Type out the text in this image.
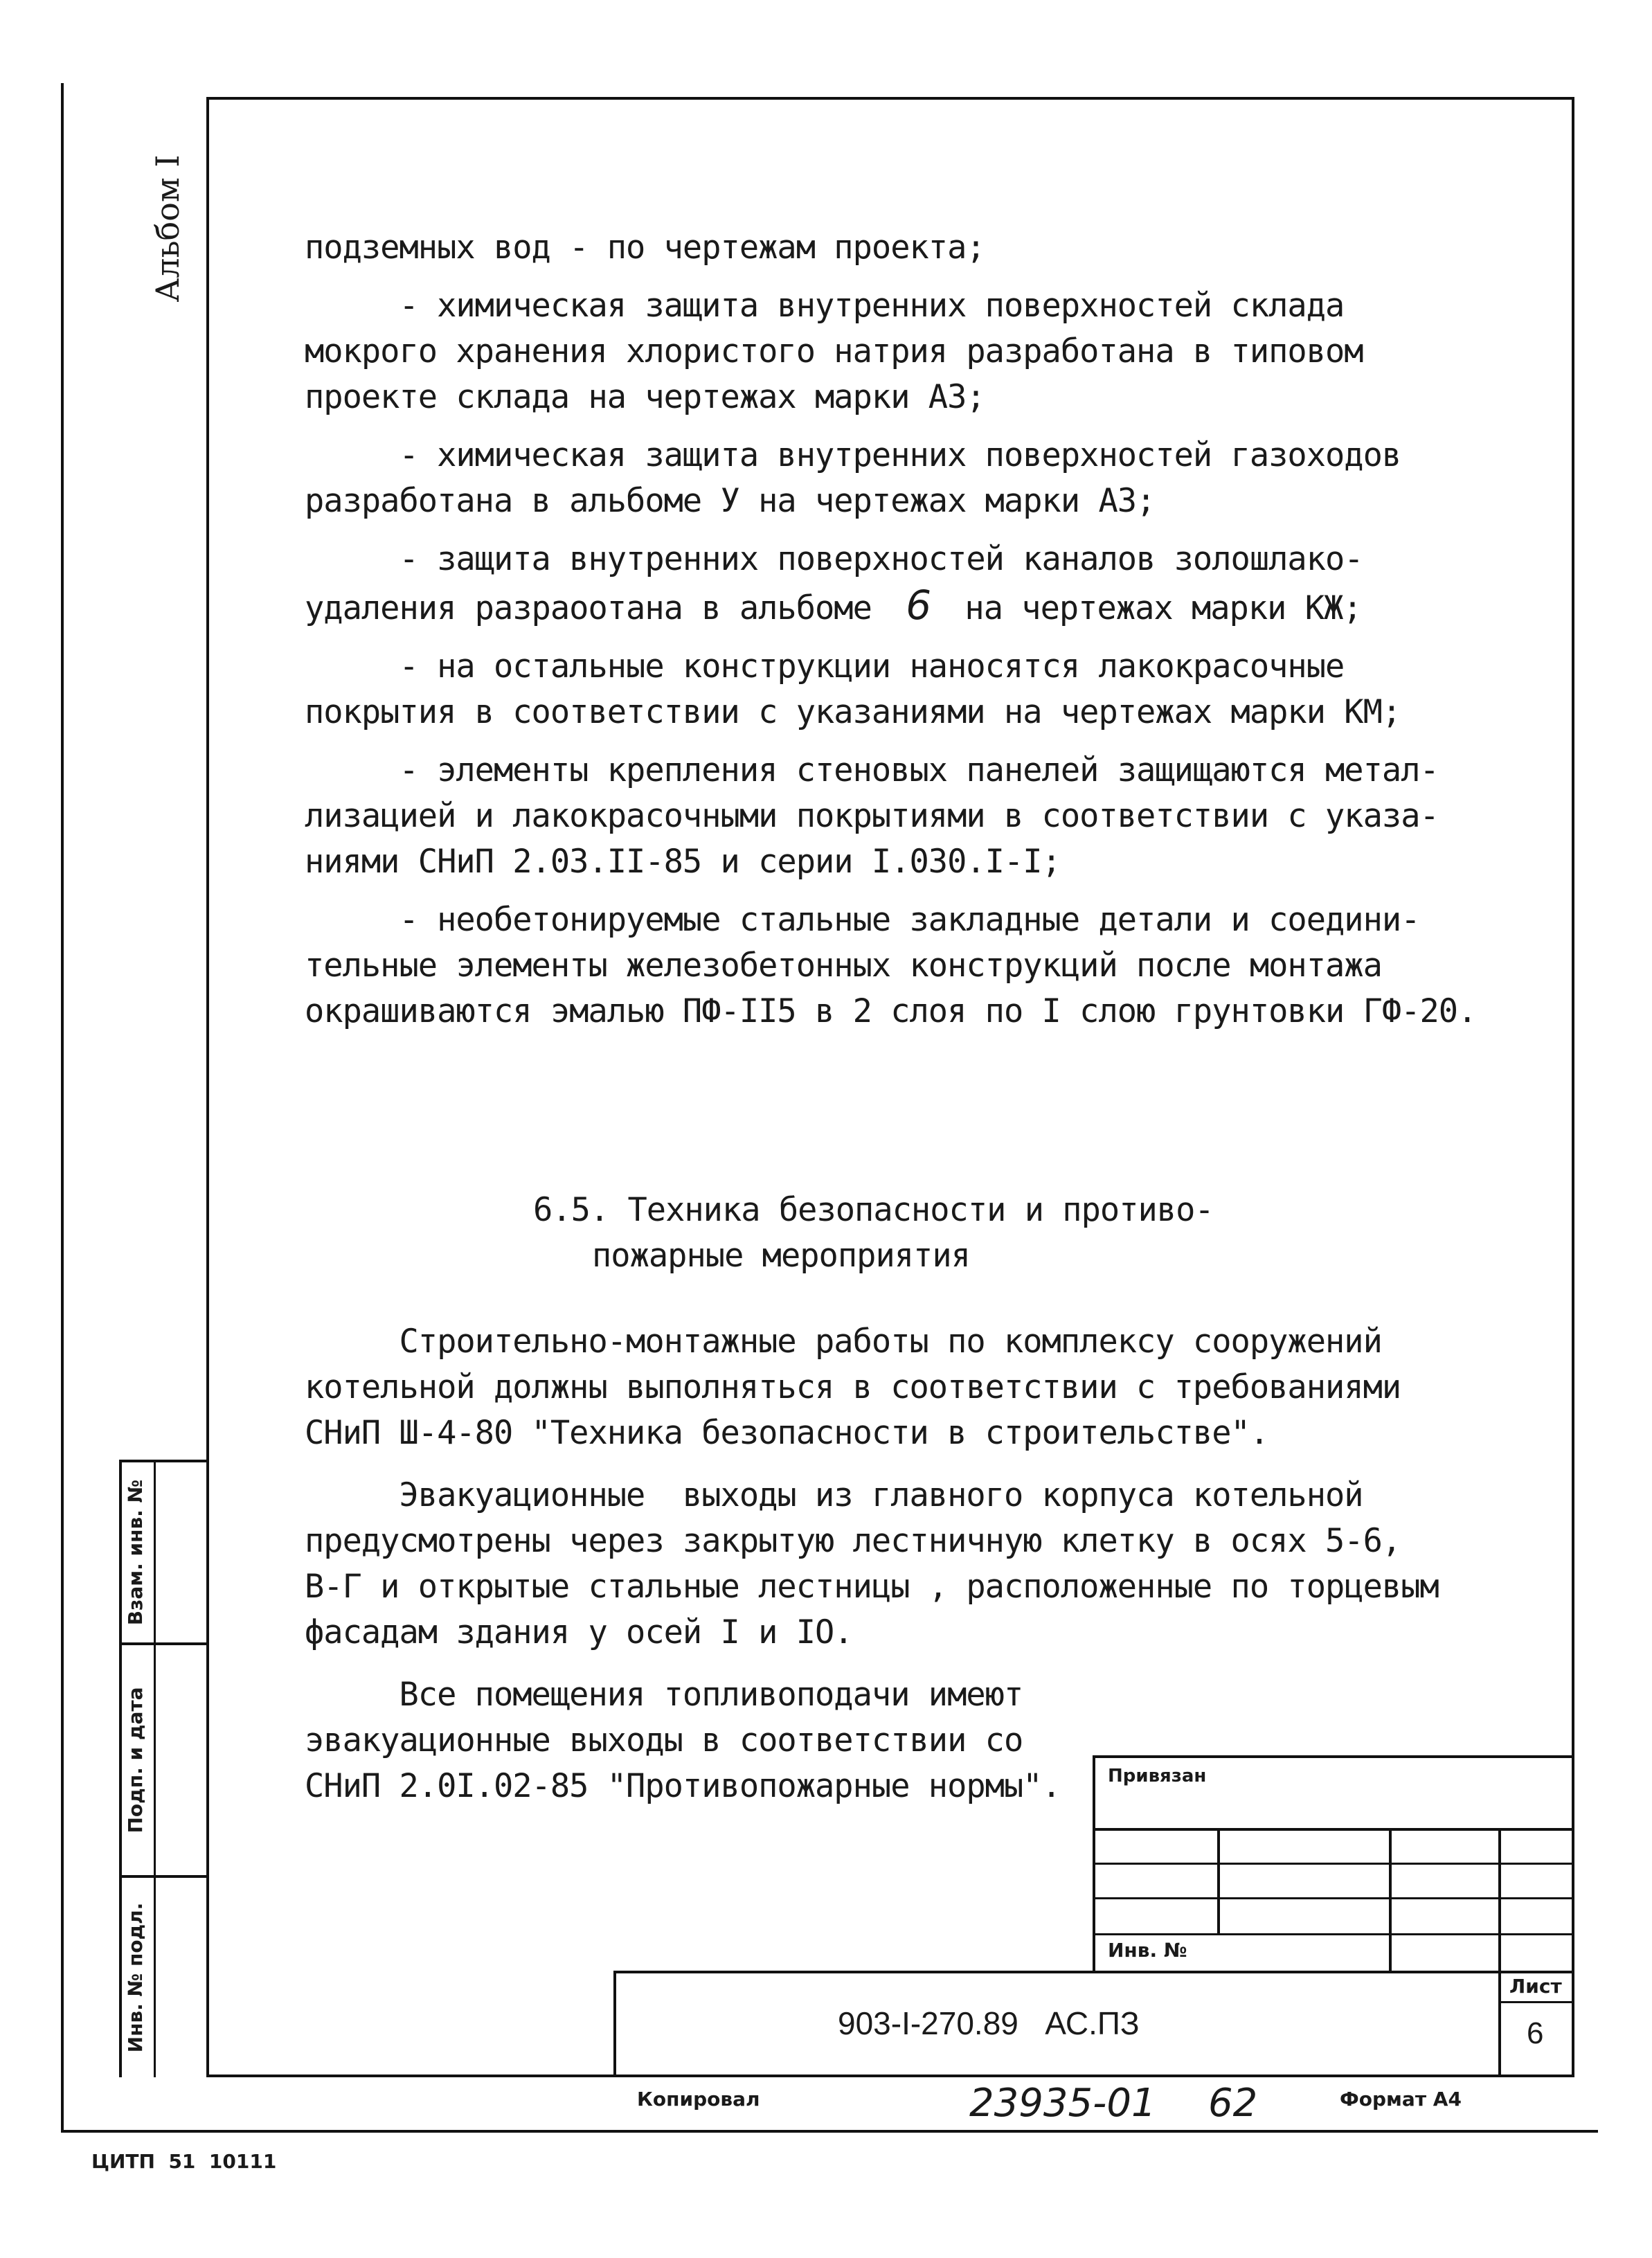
Альбом I	подземных вод - по чертежам проекта;
- химическая защита внутренних поверхностей склада
мокрого хранения хлористого натрия разработана в типовом
проекте склада на чертежах марки АЗ;
- химическая защита внутренних поверхностей газоходов
разработана в альбоме У на чертежах марки АЗ;
- защита внутренних поверхностей каналов золошлако-
удаления разраоотана в альбоме 6 на чертежах марки КЖ;
- на остальные конструкции наносятся лакокрасочные
покрытия в соответствии с указаниями на чертежах марки КМ;
- элементы крепления стеновых панелей защищаются метал-
лизацией и лакокрасочными покрытиями в соответствии с указа-
ниями СНиП 2.03.II-85 и серии I.030.I-I;
- необетонируемые стальные закладные детали и соедини-
тельные элементы железобетонных конструкций после монтажа
окрашиваются эмалью ПФ-II5 в 2 слоя по I слою грунтовки ГФ-20.
6.5. Техника безопасности и противо-
пожарные мероприятия
Строительно-монтажные работы по комплексу сооружений
котельной должны выполняться в соответствии с требованиями
СНиП Ш-4-80 "Техника безопасности в строительстве".
Эвакуационные  выходы из главного корпуса котельной
предусмотрены через закрытую лестничную клетку в осях 5-6,
В-Г и открытые стальные лестницы , расположенные по торцевым
фасадам здания у осей I и IO.
Все помещения топливоподачи имеют
эвакуационные выходы в соответствии со
СНиП 2.0I.02-85 "Противопожарные нормы".	Привязан
Инв. №
903-I-270.89   АС.ПЗ
Лист
6
Взам. инв. №
Подп. и дата
Инв. № подл.
Копировал	23935-01 62	Формат А4
ЦИТП  51  10111
